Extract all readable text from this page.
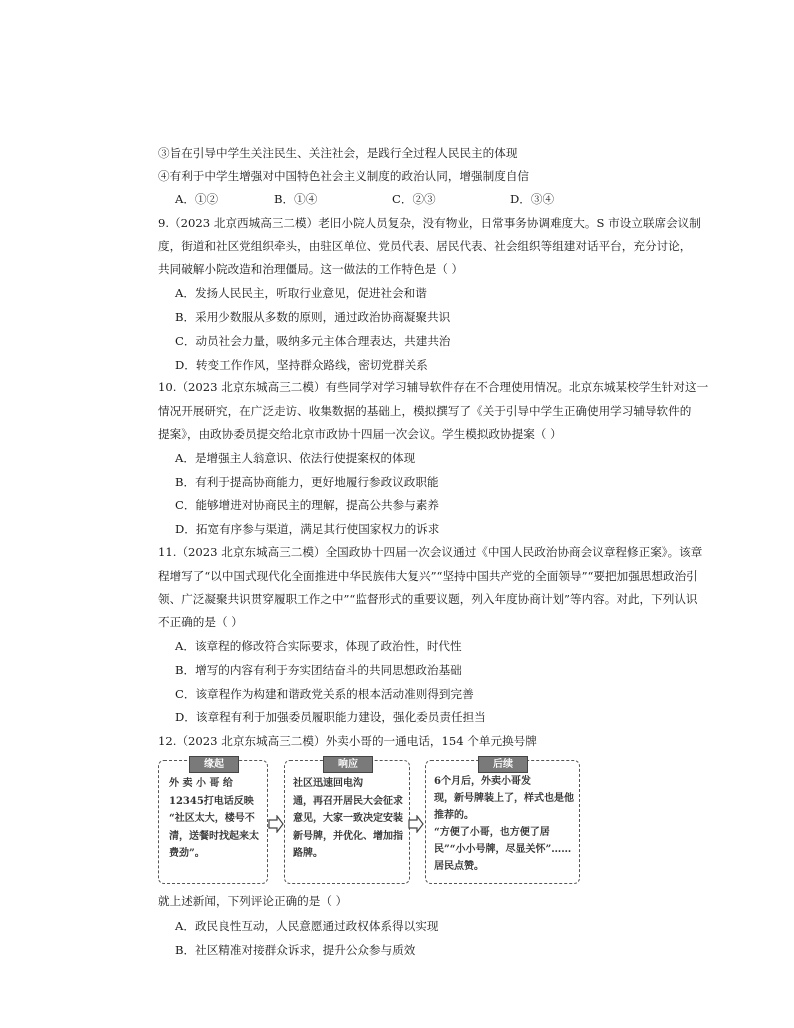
③旨在引导中学生关注民生、关注社会，是践行全过程人民民主的体现
④有利于中学生增强对中国特色社会主义制度的政治认同，增强制度自信
A．①②	B．①④	C．②③	D．③④
9.（2023 北京西城高三二模）老旧小院人员复杂，没有物业，日常事务协调难度大。S 市设立联席会议制
度，街道和社区党组织牵头，由驻区单位、党员代表、居民代表、社会组织等组建对话平台，充分讨论，
共同破解小院改造和治理僵局。这一做法的工作特色是（ ）
A．发扬人民民主，听取行业意见，促进社会和谐
B．采用少数服从多数的原则，通过政治协商凝聚共识
C．动员社会力量，吸纳多元主体合理表达，共建共治
D．转变工作作风，坚持群众路线，密切党群关系
10.（2023 北京东城高三二模）有些同学对学习辅导软件存在不合理使用情况。北京东城某校学生针对这一
情况开展研究，在广泛走访、收集数据的基础上，模拟撰写了《关于引导中学生正确使用学习辅导软件的
提案》，由政协委员提交给北京市政协十四届一次会议。学生模拟政协提案（ ）
A．是增强主人翁意识、依法行使提案权的体现
B．有利于提高协商能力，更好地履行参政议政职能
C．能够增进对协商民主的理解，提高公共参与素养
D．拓宽有序参与渠道，满足其行使国家权力的诉求
11.（2023 北京东城高三二模）全国政协十四届一次会议通过《中国人民政治协商会议章程修正案》。该章
程增写了“以中国式现代化全面推进中华民族伟大复兴”“坚持中国共产党的全面领导”“要把加强思想政治引
领、广泛凝聚共识贯穿履职工作之中”“监督形式的重要议题，列入年度协商计划”等内容。对此，下列认识
不正确的是（ ）
A．该章程的修改符合实际要求，体现了政治性，时代性
B．增写的内容有利于夯实团结奋斗的共同思想政治基础
C．该章程作为构建和谐政党关系的根本活动准则得到完善
D．该章程有利于加强委员履职能力建设，强化委员责任担当
12.（2023 北京东城高三二模）外卖小哥的一通电话，154 个单元换号牌
缘起
外 卖 小 哥 给
12345打电话反映
“社区太大，楼号不
清，送餐时找起来太
费劲”。
响应
社区迅速回电沟
通，再召开居民大会征求
意见，大家一致决定安装
新号牌，并优化、增加指
路牌。
后续
6个月后，外卖小哥发
现，新号牌装上了，样式也是他
推荐的。
“方便了小哥，也方便了居
民”“小小号牌，尽显关怀”……
居民点赞。
就上述新闻，下列评论正确的是（ ）
A．政民良性互动，人民意愿通过政权体系得以实现
B．社区精准对接群众诉求，提升公众参与质效
